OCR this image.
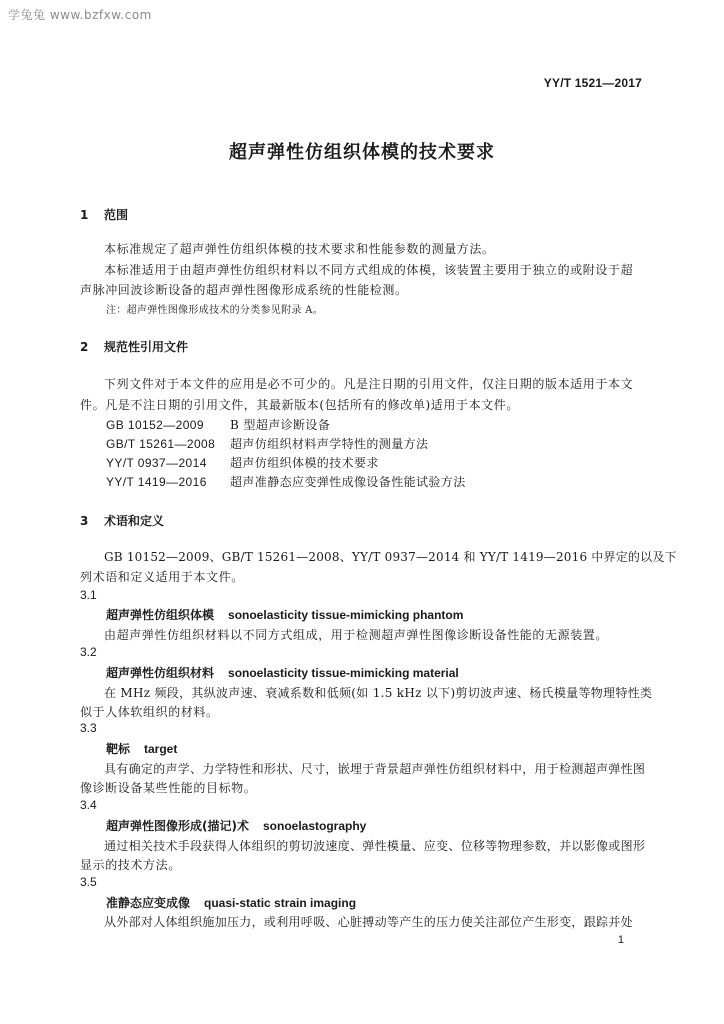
学兔兔 www.bzfxw.com
YY/T 1521—2017
超声弹性仿组织体模的技术要求
1 范围
本标准规定了超声弹性仿组织体模的技术要求和性能参数的测量方法。
本标准适用于由超声弹性仿组织材料以不同方式组成的体模，该装置主要用于独立的或附设于超
声脉冲回波诊断设备的超声弹性图像形成系统的性能检测。
注：超声弹性图像形成技术的分类参见附录 A。
2 规范性引用文件
下列文件对于本文件的应用是必不可少的。凡是注日期的引用文件，仅注日期的版本适用于本文
件。凡是不注日期的引用文件，其最新版本(包括所有的修改单)适用于本文件。
GB 10152—2009 B 型超声诊断设备
GB/T 15261—2008 超声仿组织材料声学特性的测量方法
YY/T 0937—2014 超声仿组织体模的技术要求
YY/T 1419—2016 超声准静态应变弹性成像设备性能试验方法
3 术语和定义
GB 10152—2009、GB/T 15261—2008、YY/T 0937—2014 和 YY/T 1419—2016 中界定的以及下
列术语和定义适用于本文件。
3.1
超声弹性仿组织体模 sonoelasticity tissue-mimicking phantom
由超声弹性仿组织材料以不同方式组成，用于检测超声弹性图像诊断设备性能的无源装置。
3.2
超声弹性仿组织材料 sonoelasticity tissue-mimicking material
在 MHz 频段，其纵波声速、衰减系数和低频(如 1.5 kHz 以下)剪切波声速、杨氏模量等物理特性类
似于人体软组织的材料。
3.3
靶标 target
具有确定的声学、力学特性和形状、尺寸，嵌埋于背景超声弹性仿组织材料中，用于检测超声弹性图
像诊断设备某些性能的目标物。
3.4
超声弹性图像形成(描记)术 sonoelastography
通过相关技术手段获得人体组织的剪切波速度、弹性模量、应变、位移等物理参数，并以影像或图形
显示的技术方法。
3.5
准静态应变成像 quasi-static strain imaging
从外部对人体组织施加压力，或利用呼吸、心脏搏动等产生的压力使关注部位产生形变，跟踪并处
1
